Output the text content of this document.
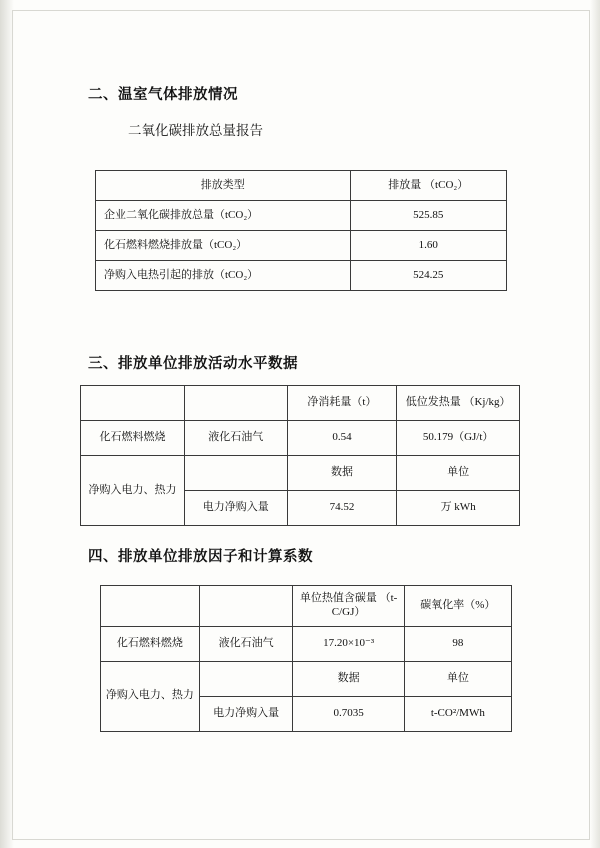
二、温室气体排放情况
二氧化碳排放总量报告
排放类型	排放量 （tCO₂）
企业二氧化碳排放总量（tCO₂）	525.85
化石燃料燃烧排放量（tCO₂）	1.60
净购入电热引起的排放（tCO₂）	524.25
三、排放单位排放活动水平数据
		净消耗量（t）	低位发热量 （Kj/kg）
化石燃料燃烧	液化石油气	0.54	50.179（GJ/t）
净购入电力、热力		数据	单位
	电力净购入量	74.52	万 kWh
四、排放单位排放因子和计算系数
		单位热值含碳量 （t-C/GJ）	碳氧化率（%）
化石燃料燃烧	液化石油气	17.20×10⁻³	98
净购入电力、热力		数据	单位
	电力净购入量	0.7035	t-CO²/MWh
